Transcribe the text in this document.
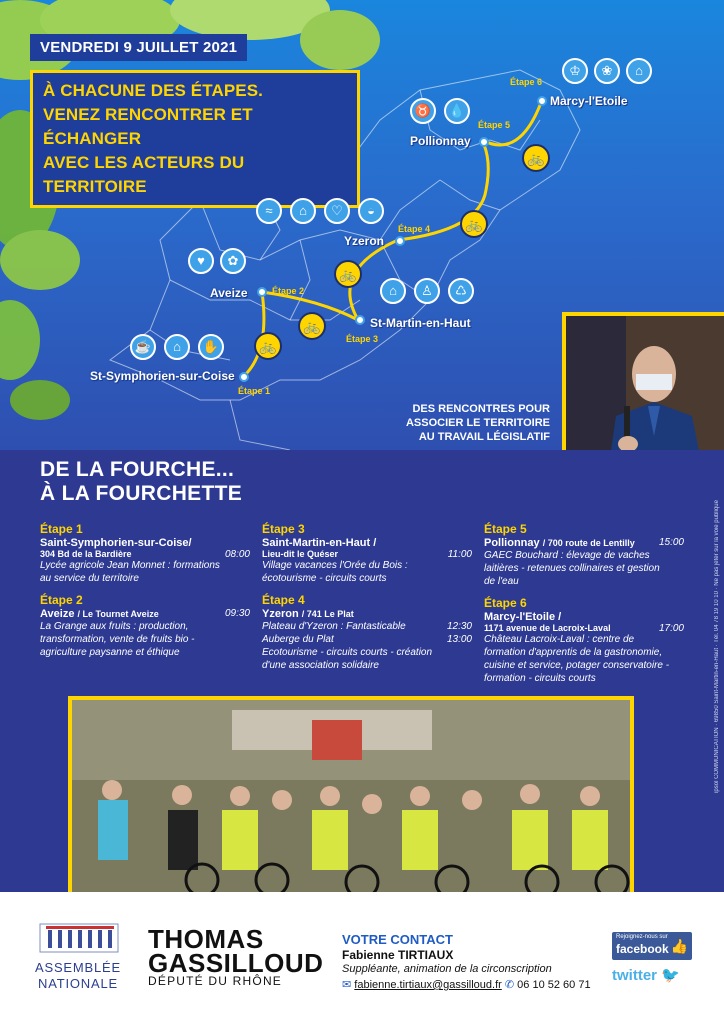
VENDREDI 9 JUILLET 2021
À CHACUNE DES ÉTAPES.
VENEZ RENCONTRER ET ÉCHANGER
AVEC LES ACTEURS DU TERRITOIRE
St-Symphorien-sur-Coise
Aveize
St-Martin-en-Haut
Yzeron
Pollionnay
Marcy-l'Etoile
Étape 1
Étape 2
Étape 3
Étape 4
Étape 5
Étape 6
🚲
🚲
🚲
🚲
🚲
☕	⌂	✋
♥	✿
≈	⌂	♡	◒
⌂	♙	♺
♉	💧
♔	❀	⌂
DES RENCONTRES POUR
ASSOCIER LE TERRITOIRE
AU TRAVAIL LÉGISLATIF
DE LA FOURCHE...
À LA FOURCHETTE
Étape 1
Saint-Symphorien-sur-Coise/
304 Bd de la Bardière	08:00
Lycée agricole Jean Monnet : formations
au service du territoire
Étape 2
Aveize / Le Tournet Aveize	09:30
La Grange aux fruits : production,
transformation, vente de fruits bio -
agriculture paysanne et éthique
Étape 3
Saint-Martin-en-Haut /
Lieu-dit le Quéser	11:00
Village vacances l'Orée du Bois :
écotourisme - circuits courts
Étape 4
Yzeron / 741 Le Plat
Plateau d'Yzeron : Fantasticable	12:30
Auberge du Plat	13:00
Ecotourisme - circuits courts - création
d'une association solidaire
Étape 5
Pollionnay / 700 route de Lentilly 15:00
GAEC Bouchard : élevage de vaches
laitières - retenues collinaires et gestion
de l'eau
Étape 6
Marcy-l'Etoile /
1171 avenue de Lacroix-Laval	17:00
Château Lacroix-Laval : centre de
formation d'apprentis de la gastronomie,
cuisine et service, potager conservatoire -
formation - circuits courts	ipsol COMMUNICATION · 69850 Saint-Martin-en-Haut · Tél. 04 78 19 10 10 · Ne pas jeter sur la voie publique
ASSEMBLÉE
NATIONALE
THOMAS
GASSILLOUD
DÉPUTÉ DU RHÔNE
VOTRE CONTACT
Fabienne TIRTIAUX
Suppléante, animation de la circonscription
✉ fabienne.tirtiaux@gassilloud.fr ✆ 06 10 52 60 71
Rejoignez-nous sur
facebook 👍
twitter 🐦
